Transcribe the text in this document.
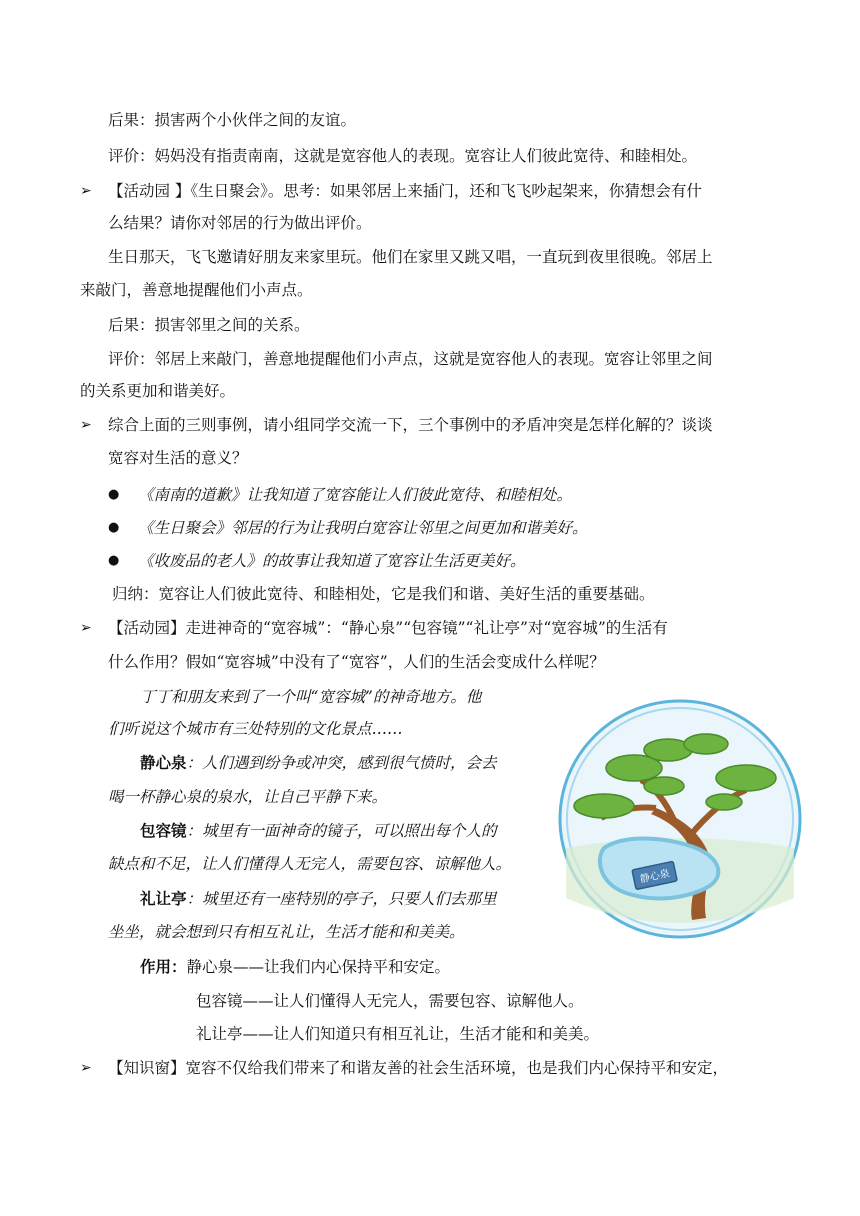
后果：损害两个小伙伴之间的友谊。
评价：妈妈没有指责南南，这就是宽容他人的表现。宽容让人们彼此宽待、和睦相处。
➢ 【活动园 】《生日聚会》。思考：如果邻居上来插门，还和飞飞吵起架来，你猜想会有什
么结果？请你对邻居的行为做出评价。
生日那天，飞飞邀请好朋友来家里玩。他们在家里又跳又唱，一直玩到夜里很晚。邻居上
来敲门，善意地提醒他们小声点。
后果：损害邻里之间的关系。
评价：邻居上来敲门，善意地提醒他们小声点，这就是宽容他人的表现。宽容让邻里之间
的关系更加和谐美好。
➢ 综合上面的三则事例，请小组同学交流一下，三个事例中的矛盾冲突是怎样化解的？谈谈
宽容对生活的意义？
● 《南南的道歉》让我知道了宽容能让人们彼此宽待、和睦相处。
● 《生日聚会》邻居的行为让我明白宽容让邻里之间更加和谐美好。
● 《收废品的老人》的故事让我知道了宽容让生活更美好。
归纳：宽容让人们彼此宽待、和睦相处，它是我们和谐、美好生活的重要基础。
➢ 【活动园】走进神奇的“宽容城”：“静心泉”“包容镜”“礼让亭”对“宽容城”的生活有
什么作用？假如“宽容城”中没有了“宽容”，人们的生活会变成什么样呢？
丁丁和朋友来到了一个叫“宽容城”的神奇地方。他
们听说这个城市有三处特别的文化景点……
静心泉：人们遇到纷争或冲突，感到很气愤时，会去
喝一杯静心泉的泉水，让自己平静下来。
包容镜：城里有一面神奇的镜子，可以照出每个人的
缺点和不足，让人们懂得人无完人，需要包容、谅解他人。
礼让亭：城里还有一座特别的亭子，只要人们去那里
坐坐，就会想到只有相互礼让，生活才能和和美美。
作用：静心泉——让我们内心保持平和安定。
包容镜——让人们懂得人无完人，需要包容、谅解他人。
礼让亭——让人们知道只有相互礼让，生活才能和和美美。
➢ 【知识窗】宽容不仅给我们带来了和谐友善的社会生活环境，也是我们内心保持平和安定，
静心泉
